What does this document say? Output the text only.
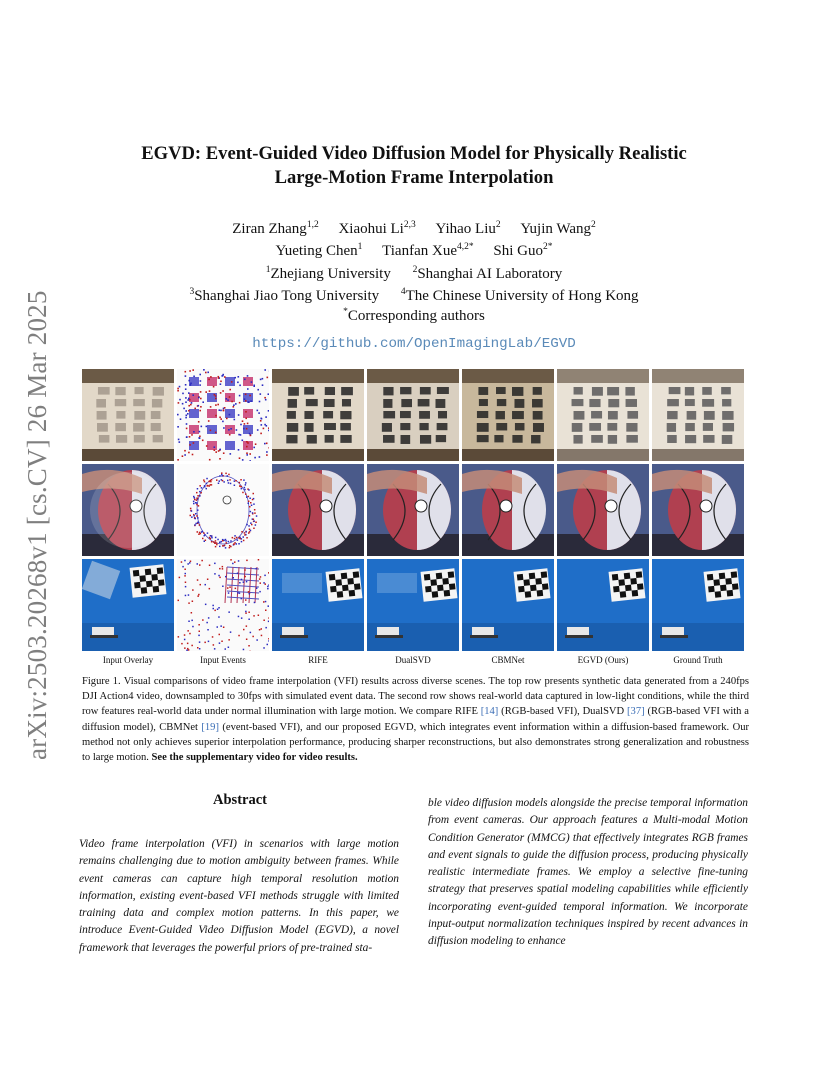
arXiv:2503.20268v1 [cs.CV] 26 Mar 2025
EGVD: Event-Guided Video Diffusion Model for Physically Realistic
Large-Motion Frame Interpolation
Ziran Zhang$^{1,2}$ Xiaohui Li$^{2,3}$ Yihao Liu$^2$ Yujin Wang$^2$
Yueting Chen$^1$ Tianfan Xue$^{4,2*}$ Shi Guo$^{2*}$
$^1$Zhejiang University $^2$Shanghai AI Laboratory
$^3$Shanghai Jiao Tong University $^4$The Chinese University of Hong Kong
*Corresponding authors
https://github.com/OpenImagingLab/EGVD
Input Overlay	Input Events	RIFE	DualSVD	CBMNet	EGVD (Ours)	Ground Truth
Figure 1. Visual comparisons of video frame interpolation (VFI) results across diverse scenes. The top row presents synthetic data generated from a 240fps DJI Action4 video, downsampled to 30fps with simulated event data. The second row shows real-world data captured in low-light conditions, while the third row features real-world data under normal illumination with large motion. We compare RIFE [14] (RGB-based VFI), DualSVD [37] (RGB-based VFI with a diffusion model), CBMNet [19] (event-based VFI), and our proposed EGVD, which integrates event information within a diffusion-based framework. Our method not only achieves superior interpolation performance, producing sharper reconstructions, but also demonstrates strong generalization and robustness to large motion. See the supplementary video for video results.
Abstract
Video frame interpolation (VFI) in scenarios with large motion remains challenging due to motion ambiguity between frames. While event cameras can capture high temporal resolution motion information, existing event-based VFI methods struggle with limited training data and complex motion patterns. In this paper, we introduce Event-Guided Video Diffusion Model (EGVD), a novel framework that leverages the powerful priors of pre-trained sta-
ble video diffusion models alongside the precise temporal information from event cameras. Our approach features a Multi-modal Motion Condition Generator (MMCG) that effectively integrates RGB frames and event signals to guide the diffusion process, producing physically realistic intermediate frames. We employ a selective fine-tuning strategy that preserves spatial modeling capabilities while efficiently incorporating event-guided temporal information. We incorporate input-output normalization techniques inspired by recent advances in diffusion modeling to enhance
